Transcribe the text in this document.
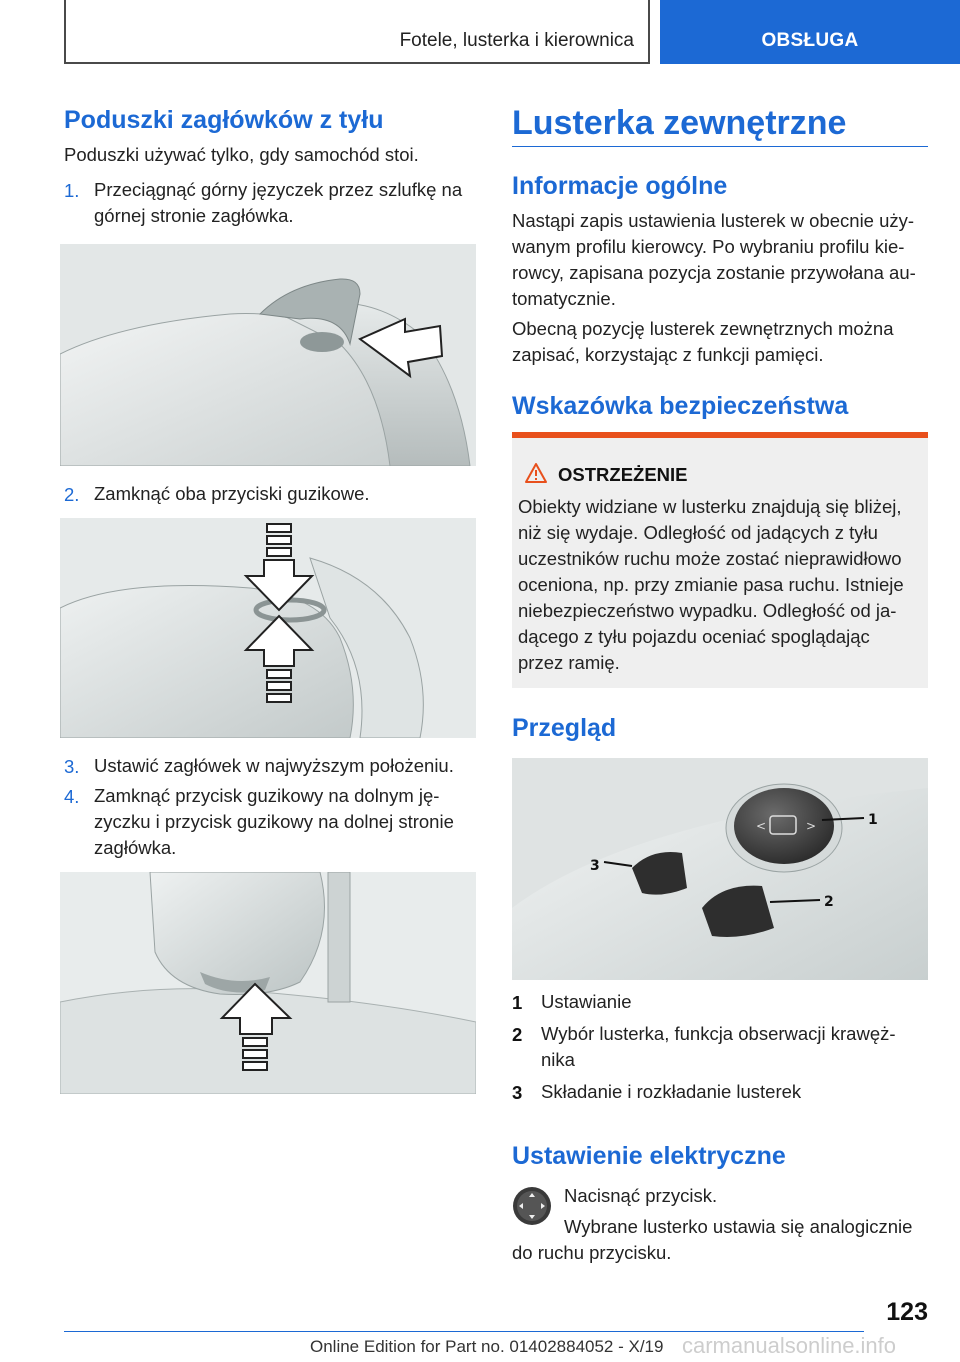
Fotele, lusterka i kierownica	OBSŁUGA
Poduszki zagłówków z tyłu
Poduszki używać tylko, gdy samochód stoi.
1. Przeciągnąć górny języczek przez szlufkę na
górnej stronie zagłówka.
2. Zamknąć oba przyciski guzikowe.
3. Ustawić zagłówek w najwyższym położeniu.
4. Zamknąć przycisk guzikowy na dolnym ję-
zyczku i przycisk guzikowy na dolnej stronie
zagłówka.
Lusterka zewnętrzne
Informacje ogólne
Nastąpi zapis ustawienia lusterek w obecnie uży-
wanym profilu kierowcy. Po wybraniu profilu kie-
rowcy, zapisana pozycja zostanie przywołana au-
tomatycznie.
Obecną pozycję lusterek zewnętrznych można
zapisać, korzystając z funkcji pamięci.
Wskazówka bezpieczeństwa
OSTRZEŻENIE
Obiekty widziane w lusterku znajdują się bliżej,
niż się wydaje. Odległość od jadących z tyłu
uczestników ruchu może zostać nieprawidłowo
oceniona, np. przy zmianie pasa ruchu. Istnieje
niebezpieczeństwo wypadku. Odległość od ja-
dącego z tyłu pojazdu oceniać spoglądając
przez ramię.
Przegląd
<	>	1
2
3
1 Ustawianie
2 Wybór lusterka, funkcja obserwacji krawęż-
nika
3 Składanie i rozkładanie lusterek
Ustawienie elektryczne
Nacisnąć przycisk.
Wybrane lusterko ustawia się analogicznie
do ruchu przycisku.
123
Online Edition for Part no. 01402884052 - X/19 carmanualsonline.info
